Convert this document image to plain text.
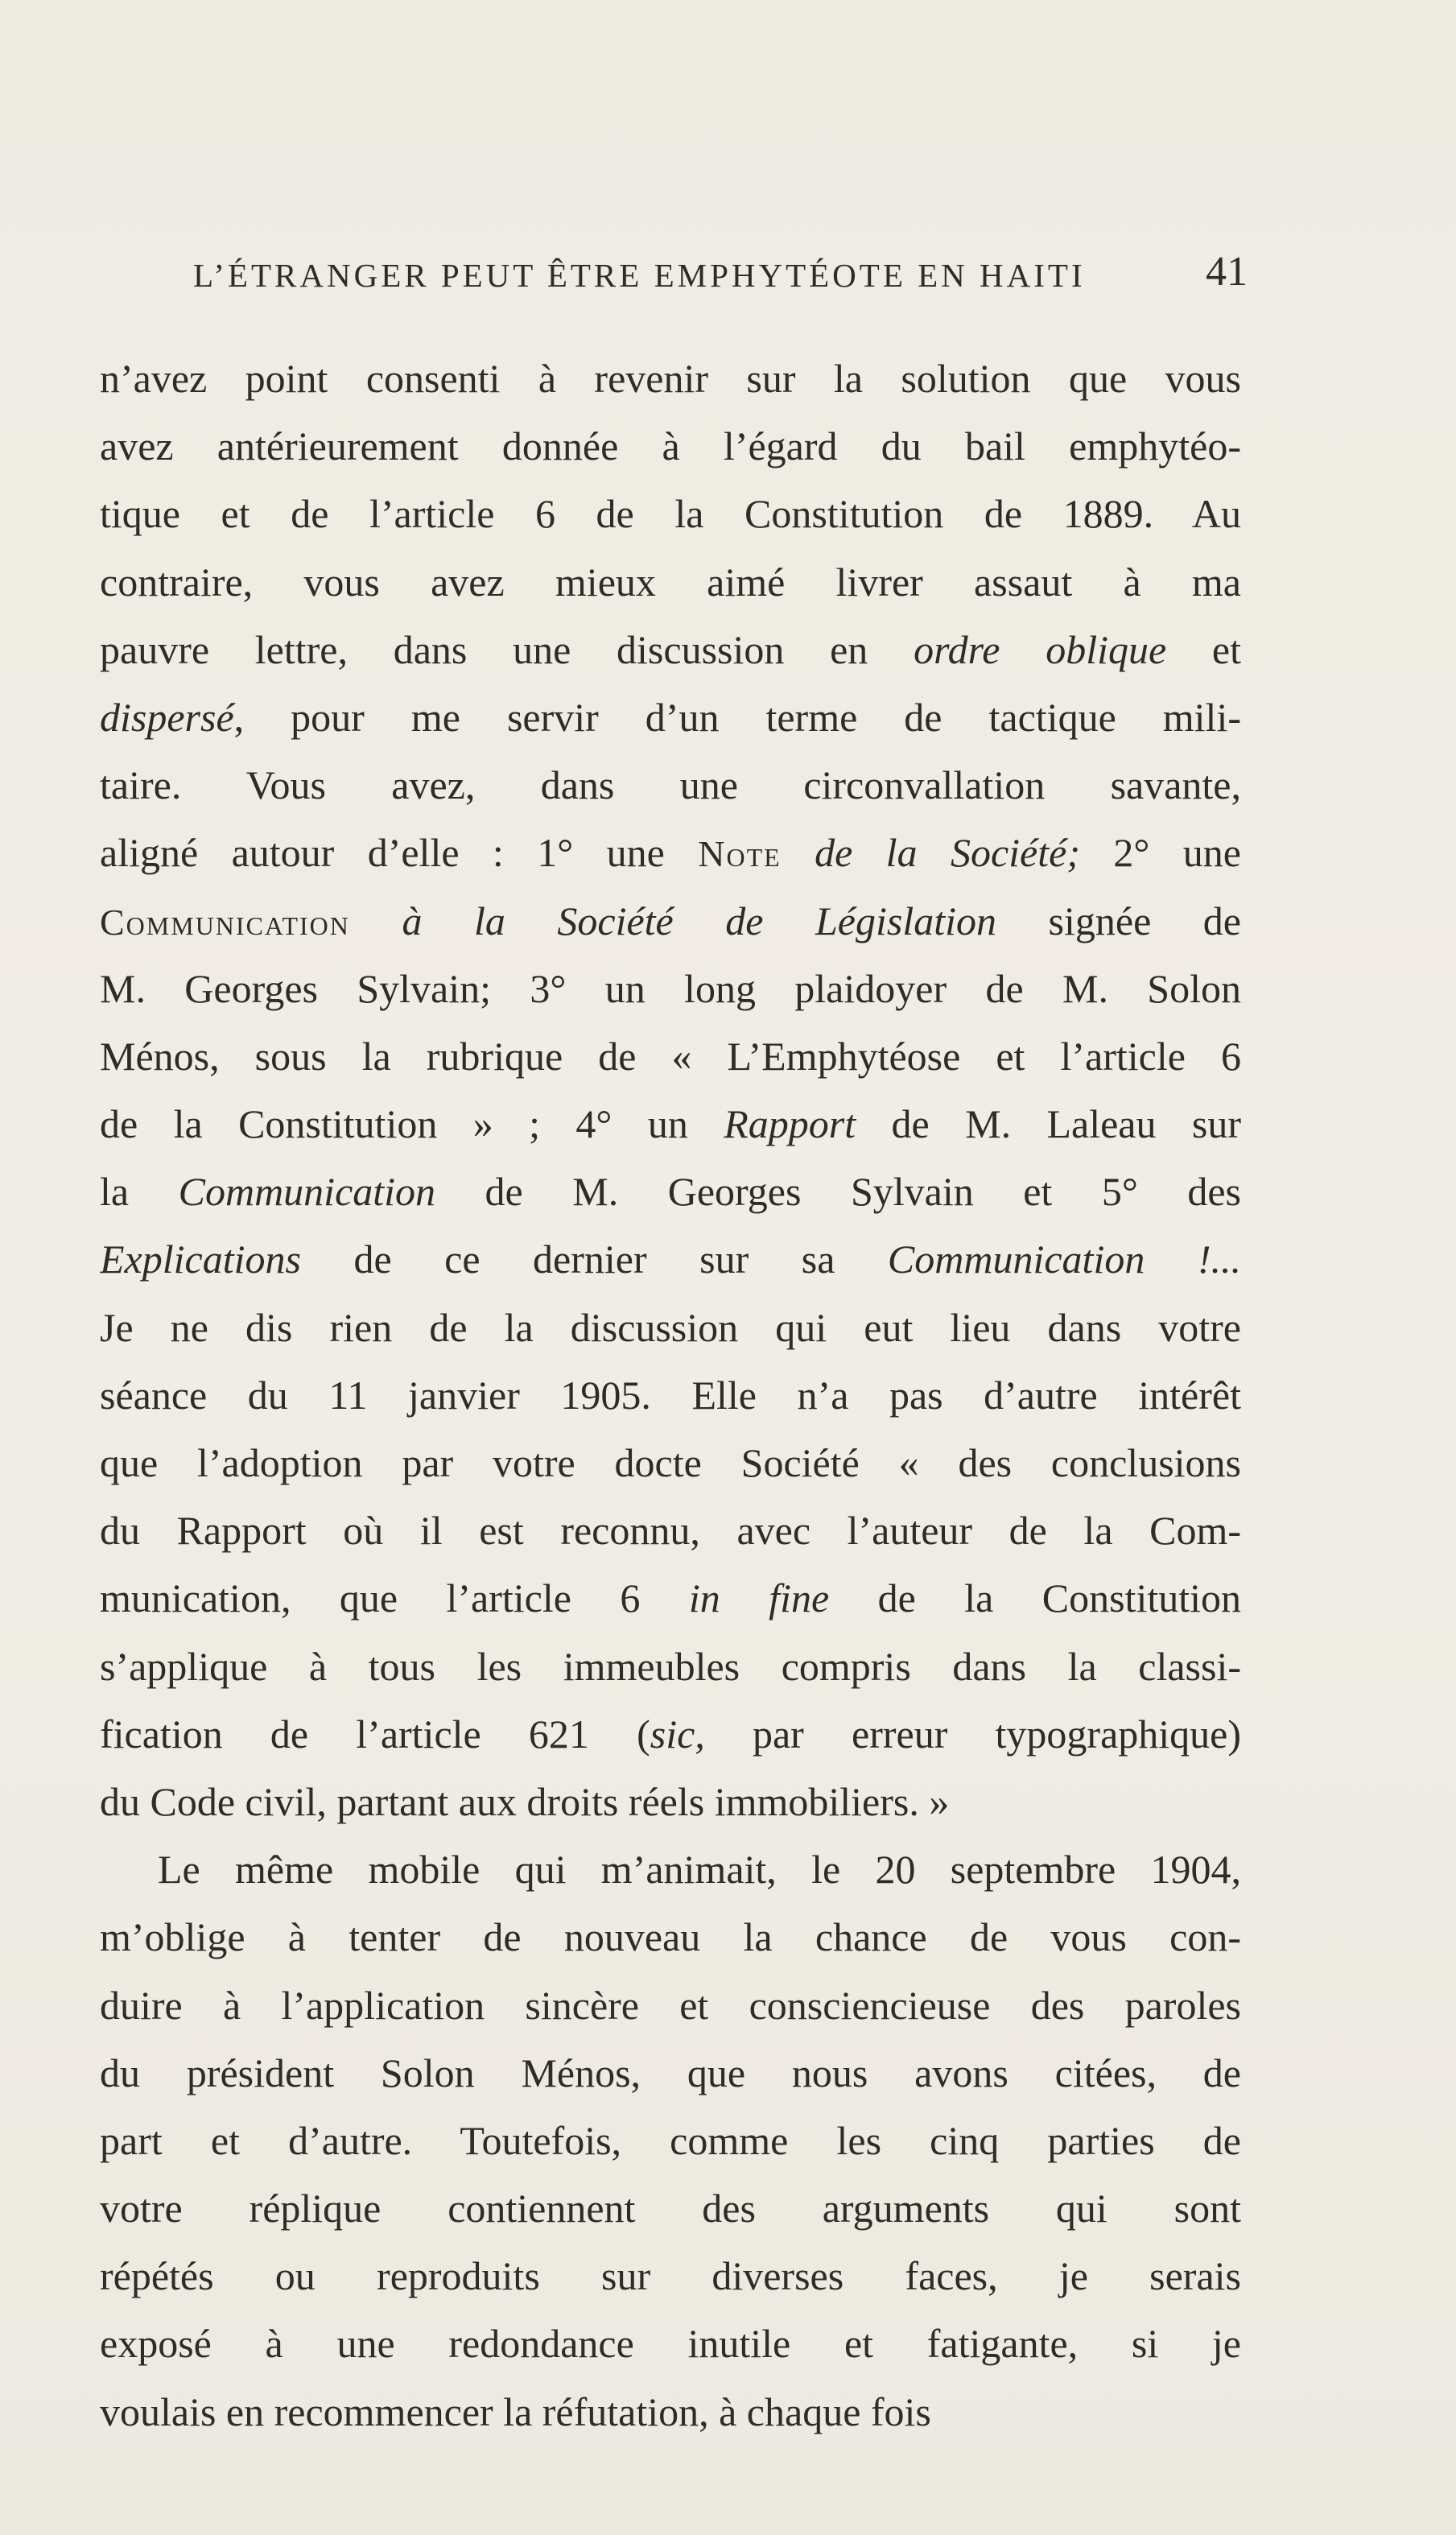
L’ÉTRANGER PEUT ÊTRE EMPHYTÉOTE EN HAITI	41
n’avez point consenti à revenir sur la solution que vous
avez antérieurement donnée à l’égard du bail emphytéo-
tique et de l’article 6 de la Constitution de 1889. Au
contraire, vous avez mieux aimé livrer assaut à ma
pauvre lettre, dans une discussion en ordre oblique et
dispersé, pour me servir d’un terme de tactique mili-
taire. Vous avez, dans une circonvallation savante,
aligné autour d’elle : 1° une Note de la Société; 2° une
Communication à la Société de Législation signée de
M. Georges Sylvain; 3° un long plaidoyer de M. Solon
Ménos, sous la rubrique de « L’Emphytéose et l’article 6
de la Constitution » ; 4° un Rapport de M. Laleau sur
la Communication de M. Georges Sylvain et 5° des
Explications de ce dernier sur sa Communication !...
Je ne dis rien de la discussion qui eut lieu dans votre
séance du 11 janvier 1905. Elle n’a pas d’autre intérêt
que l’adoption par votre docte Société « des conclusions
du Rapport où il est reconnu, avec l’auteur de la Com-
munication, que l’article 6 in fine de la Constitution
s’applique à tous les immeubles compris dans la classi-
fication de l’article 621 (sic, par erreur typographique)
du Code civil, partant aux droits réels immobiliers. »
Le même mobile qui m’animait, le 20 septembre 1904,
m’oblige à tenter de nouveau la chance de vous con-
duire à l’application sincère et consciencieuse des paroles
du président Solon Ménos, que nous avons citées, de
part et d’autre. Toutefois, comme les cinq parties de
votre réplique contiennent des arguments qui sont
répétés ou reproduits sur diverses faces, je serais
exposé à une redondance inutile et fatigante, si je
voulais en recommencer la réfutation, à chaque fois
